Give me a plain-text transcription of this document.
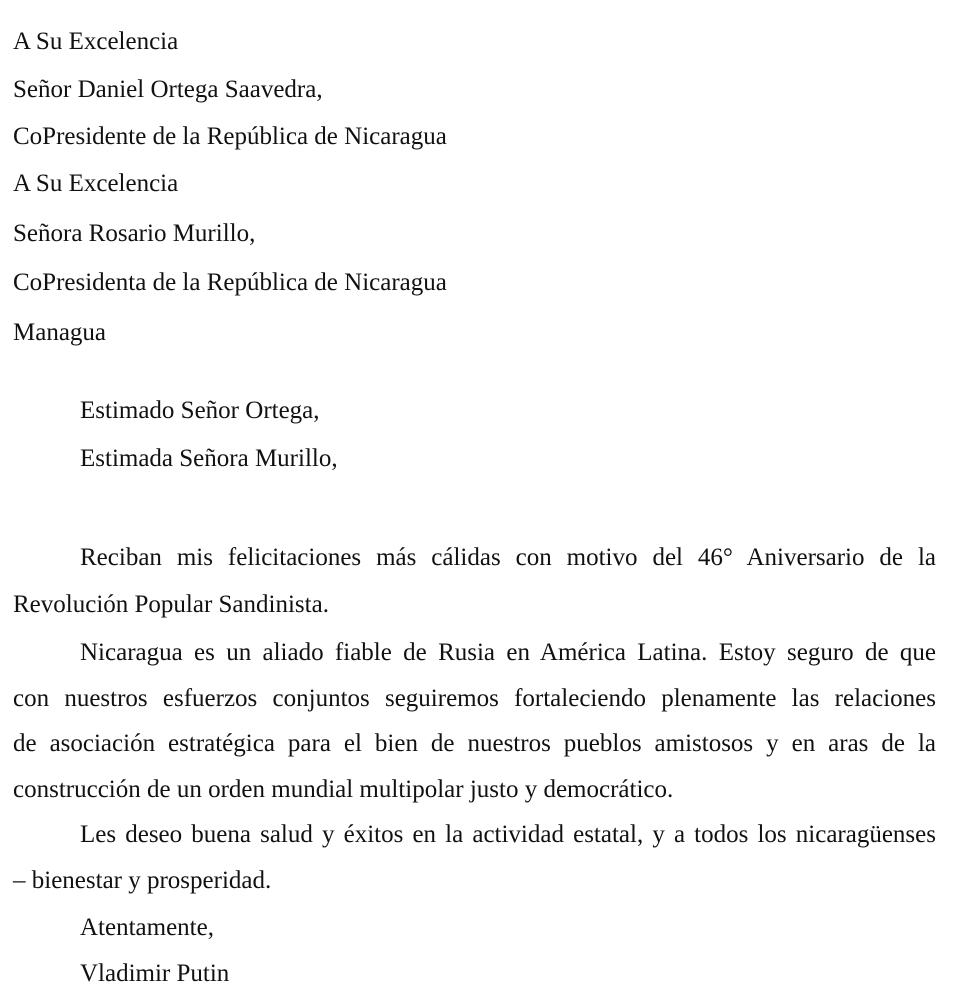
A Su Excelencia

Señor Daniel Ortega Saavedra,

CoPresidente de la República de Nicaragua

A Su Excelencia

Señora Rosario Murillo,

CoPresidenta de la República de Nicaragua

Managua

Estimado Señor Ortega,

Estimada Señora Murillo,

Reciban mis felicitaciones más cálidas con motivo del 46° Aniversario de la

Revolución Popular Sandinista.

Nicaragua es un aliado fiable de Rusia en América Latina. Estoy seguro de que

con nuestros esfuerzos conjuntos seguiremos fortaleciendo plenamente las relaciones

de asociación estratégica para el bien de nuestros pueblos amistosos y en aras de la

construcción de un orden mundial multipolar justo y democrático.

Les deseo buena salud y éxitos en la actividad estatal, y a todos los nicaragüenses

– bienestar y prosperidad.

Atentamente,

Vladimir Putin
